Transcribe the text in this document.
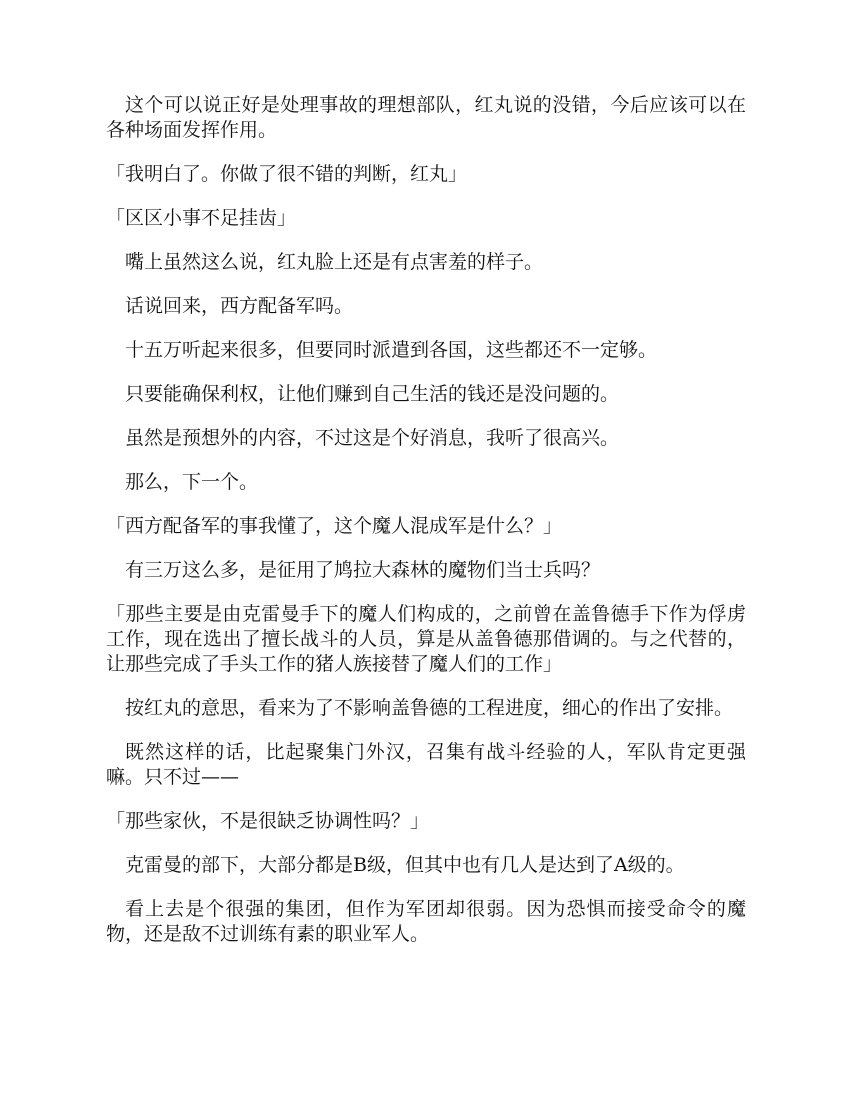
这个可以说正好是处理事故的理想部队，红丸说的没错，今后应该可以在各种场面发挥作用。

「我明白了。你做了很不错的判断，红丸」

「区区小事不足挂齿」

嘴上虽然这么说，红丸脸上还是有点害羞的样子。

话说回来，西方配备军吗。

十五万听起来很多，但要同时派遣到各国，这些都还不一定够。

只要能确保利权，让他们赚到自己生活的钱还是没问题的。

虽然是预想外的内容，不过这是个好消息，我听了很高兴。

那么，下一个。

「西方配备军的事我懂了，这个魔人混成军是什么？」

有三万这么多，是征用了鸠拉大森林的魔物们当士兵吗？

「那些主要是由克雷曼手下的魔人们构成的，之前曾在盖鲁德手下作为俘虏工作，现在选出了擅长战斗的人员，算是从盖鲁德那借调的。与之代替的，让那些完成了手头工作的猪人族接替了魔人们的工作」

按红丸的意思，看来为了不影响盖鲁德的工程进度，细心的作出了安排。

既然这样的话，比起聚集门外汉，召集有战斗经验的人，军队肯定更强嘛。只不过——

「那些家伙，不是很缺乏协调性吗？」

克雷曼的部下，大部分都是B级，但其中也有几人是达到了A级的。

看上去是个很强的集团，但作为军团却很弱。因为恐惧而接受命令的魔物，还是敌不过训练有素的职业军人。
